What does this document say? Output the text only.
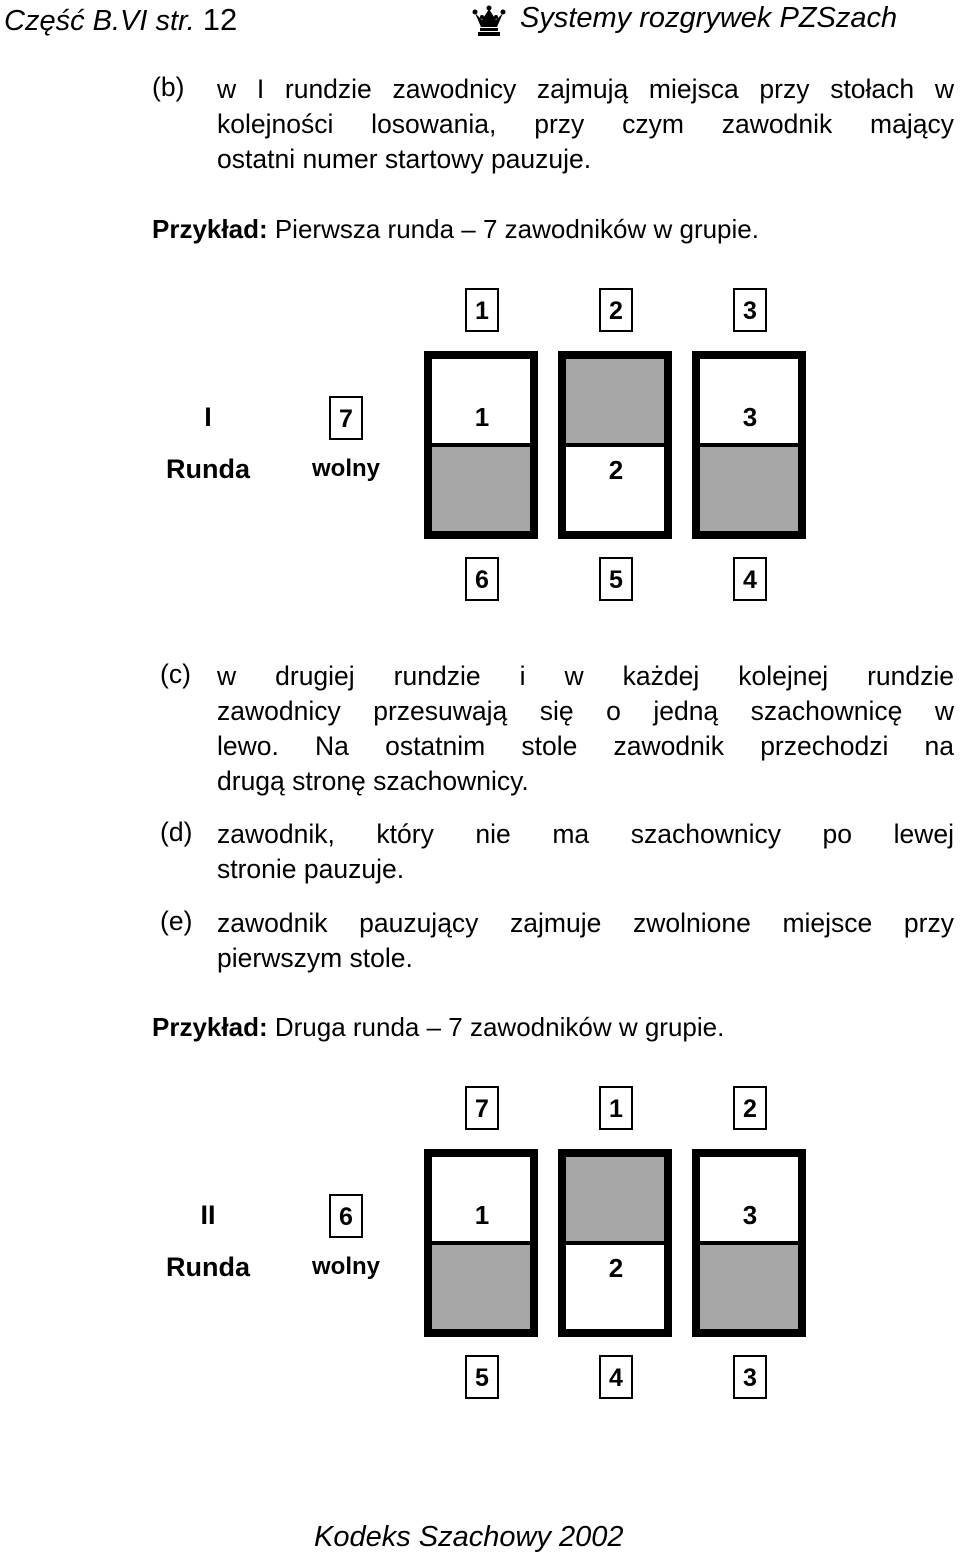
Część B.VI str. 12	Systemy rozgrywek PZSzach
(b) w I rundzie zawodnicy zajmują miejsca przy stołach w
kolejności losowania, przy czym zawodnik mający
ostatni numer startowy pauzuje.
Przykład: Pierwsza runda – 7 zawodników w grupie.
1	2	3
I
Runda
7
wolny
1	3
2
6	5	4
(c) w drugiej rundzie i w każdej kolejnej rundzie
zawodnicy przesuwają się o jedną szachownicę w
lewo. Na ostatnim stole zawodnik przechodzi na
drugą stronę szachownicy.
(d) zawodnik, który nie ma szachownicy po lewej
stronie pauzuje.
(e) zawodnik pauzujący zajmuje zwolnione miejsce przy
pierwszym stole.
Przykład: Druga runda – 7 zawodników w grupie.
7	1	2
II
Runda
6
wolny
1	3
2
5	4	3
Kodeks Szachowy 2002
